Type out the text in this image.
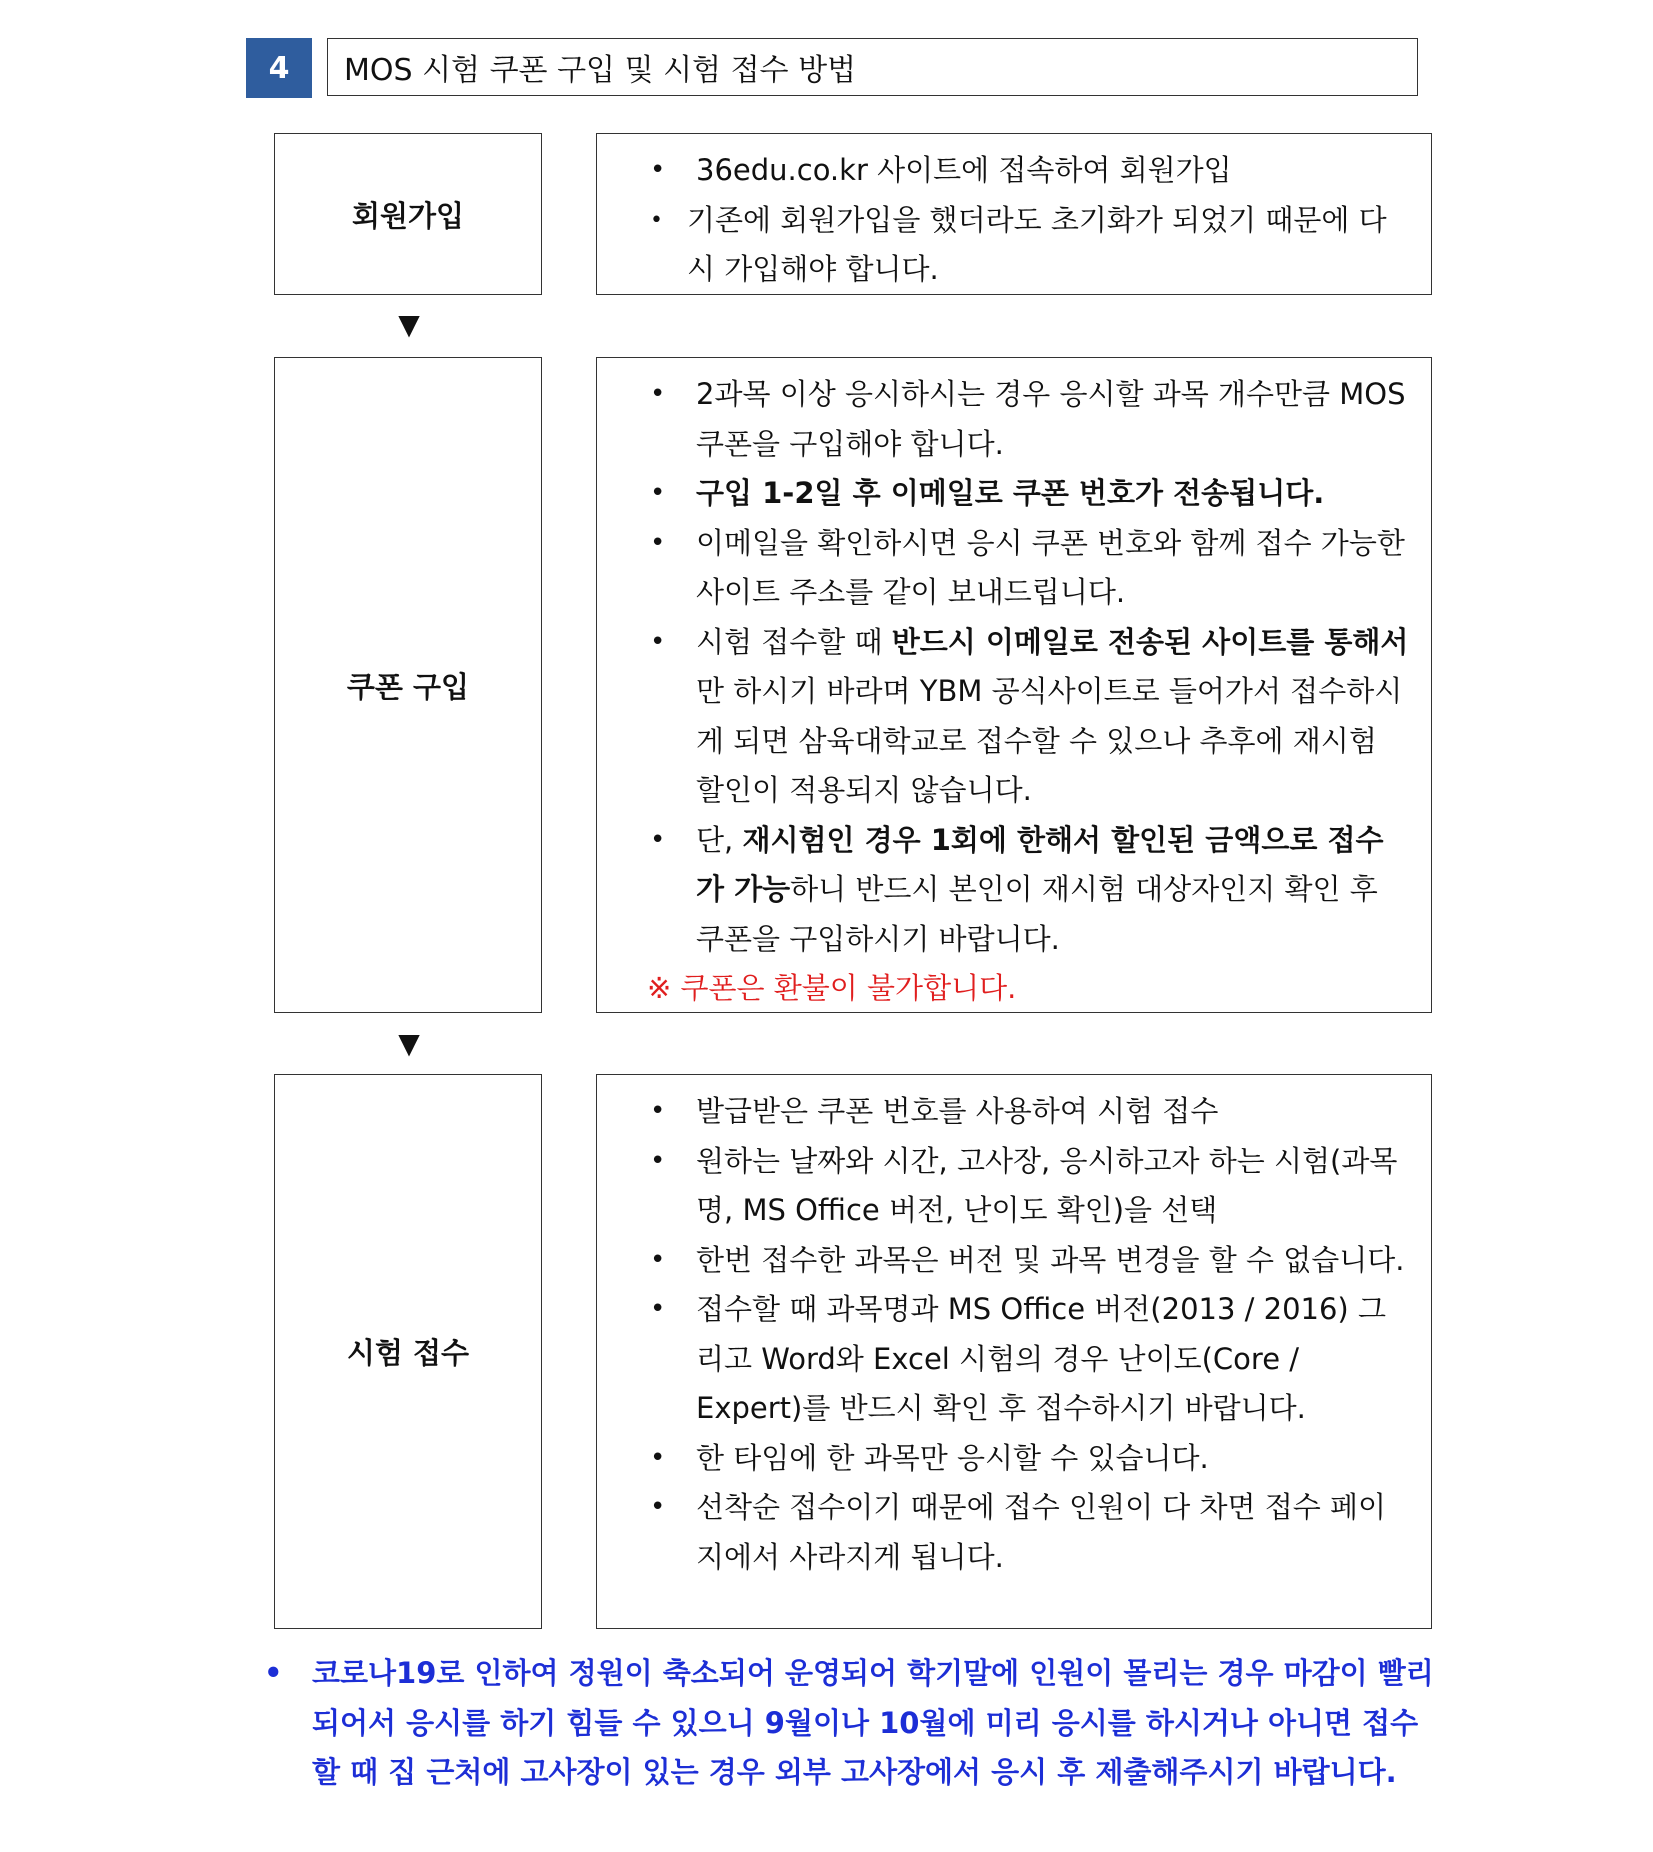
4	MOS 시험 쿠폰 구입 및 시험 접수 방법
회원가입
• 36edu.co.kr 사이트에 접속하여 회원가입
• 기존에 회원가입을 했더라도 초기화가 되었기 때문에 다시 가입해야 합니다.
▼
쿠폰 구입
• 2과목 이상 응시하시는 경우 응시할 과목 개수만큼 MOS쿠폰을 구입해야 합니다.
• 구입 1-2일 후 이메일로 쿠폰 번호가 전송됩니다.
• 이메일을 확인하시면 응시 쿠폰 번호와 함께 접수 가능한 사이트 주소를 같이 보내드립니다.
• 시험 접수할 때 반드시 이메일로 전송된 사이트를 통해서만 하시기 바라며 YBM 공식사이트로 들어가서 접수하시게 되면 삼육대학교로 접수할 수 있으나 추후에 재시험 할인이 적용되지 않습니다.
• 단, 재시험인 경우 1회에 한해서 할인된 금액으로 접수가 가능하니 반드시 본인이 재시험 대상자인지 확인 후 쿠폰을 구입하시기 바랍니다.
※ 쿠폰은 환불이 불가합니다.
▼
시험 접수
• 발급받은 쿠폰 번호를 사용하여 시험 접수
• 원하는 날짜와 시간, 고사장, 응시하고자 하는 시험(과목명, MS Office 버전, 난이도 확인)을 선택
• 한번 접수한 과목은 버전 및 과목 변경을 할 수 없습니다.
• 접수할 때 과목명과 MS Office 버전(2013 / 2016) 그리고 Word와 Excel 시험의 경우 난이도(Core / Expert)를 반드시 확인 후 접수하시기 바랍니다.
• 한 타임에 한 과목만 응시할 수 있습니다.
• 선착순 접수이기 때문에 접수 인원이 다 차면 접수 페이지에서 사라지게 됩니다.
•	코로나19로 인하여 정원이 축소되어 운영되어 학기말에 인원이 몰리는 경우 마감이 빨리 되어서 응시를 하기 힘들 수 있으니 9월이나 10월에 미리 응시를 하시거나 아니면 접수할 때 집 근처에 고사장이 있는 경우 외부 고사장에서 응시 후 제출해주시기 바랍니다.
